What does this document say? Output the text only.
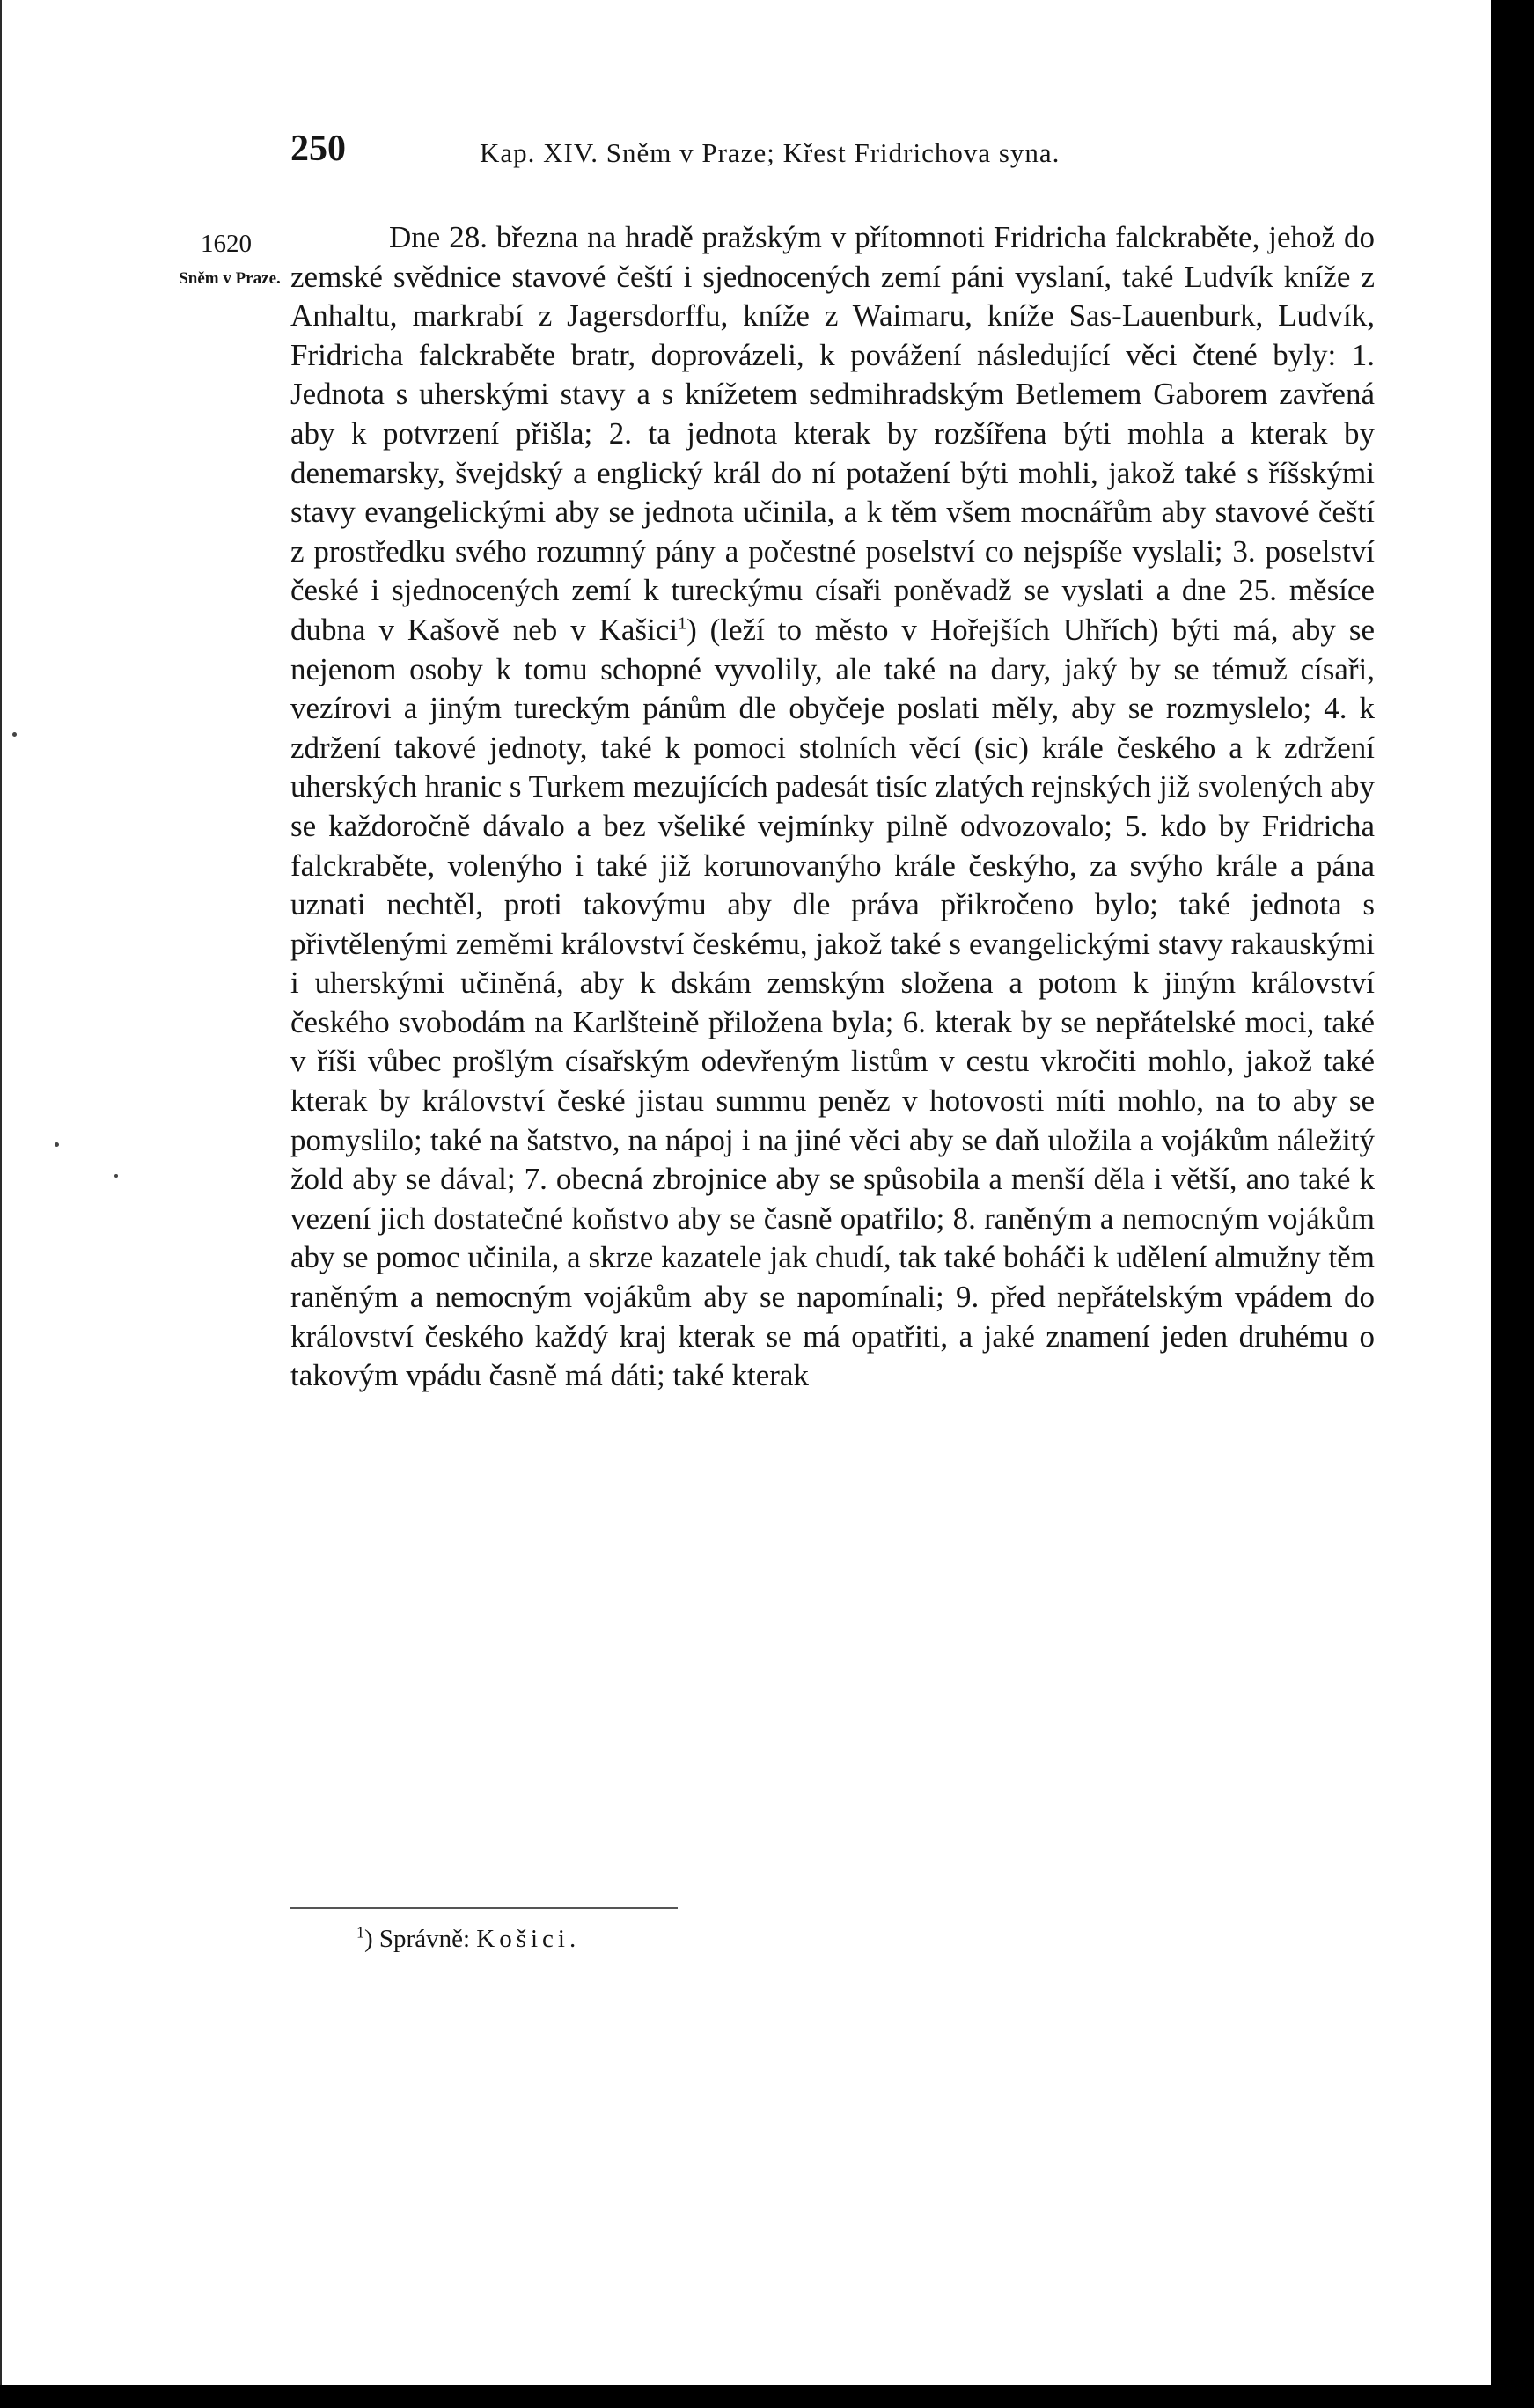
250	Kap. XIV. Sněm v Praze; Křest Fridrichova syna.
1620
Sněm v Praze.

Dne 28. března na hradě pražským v přítomnoti Fridricha falckraběte, jehož do zemské svědnice stavové čeští i sjednocených zemí páni vyslaní, také Ludvík kníže z Anhaltu, markrabí z Jagersdorffu, kníže z Waimaru, kníže Sas-Lauenburk, Ludvík, Fridricha falckraběte bratr, doprovázeli, k povážení následující věci čtené byly: 1. Jednota s uherskými stavy a s knížetem sedmihradským Betlemem Gaborem zavřená aby k potvrzení přišla; 2. ta jednota kterak by rozšířena býti mohla a kterak by denemarsky, švejdský a englický král do ní potažení býti mohli, jakož také s říšskými stavy evangelickými aby se jednota učinila, a k těm všem mocnářům aby stavové čeští z prostředku svého rozumný pány a počestné poselství co nejspíše vyslali; 3. poselství české i sjednocených zemí k tureckýmu císaři poněvadž se vyslati a dne 25. měsíce dubna v Kašově neb v Kašici$^1$) (leží to město v Hořejších Uhřích) býti má, aby se nejenom osoby k tomu schopné vyvolily, ale také na dary, jaký by se témuž císaři, vezírovi a jiným tureckým pánům dle obyčeje poslati měly, aby se rozmyslelo; 4. k zdržení takové jednoty, také k pomoci stolních věcí (sic) krále českého a k zdržení uherských hranic s Turkem mezujících padesát tisíc zlatých rejnských již svolených aby se každoročně dávalo a bez všeliké vejmínky pilně odvozovalo; 5. kdo by Fridricha falckraběte, volenýho i také již korunovanýho krále českýho, za svýho krále a pána uznati nechtěl, proti takovýmu aby dle práva přikročeno bylo; také jednota s přivtělenými zeměmi království českému, jakož také s evangelickými stavy rakauskými i uherskými učiněná, aby k dskám zemským složena a potom k jiným království českého svobodám na Karlšteině přiložena byla; 6. kterak by se nepřátelské moci, také v říši vůbec prošlým císařským odevřeným listům v cestu vkročiti mohlo, jakož také kterak by království české jistau summu peněz v hotovosti míti mohlo, na to aby se pomyslilo; také na šatstvo, na nápoj i na jiné věci aby se daň uložila a vojákům náležitý žold aby se dával; 7. obecná zbrojnice aby se spůsobila a menší děla i větší, ano také k vezení jich dostatečné koňstvo aby se časně opatřilo; 8. raněným a nemocným vojákům aby se pomoc učinila, a skrze kazatele jak chudí, tak také boháči k udělení almužny těm raněným a nemocným vojákům aby se napomínali; 9. před nepřátelským vpádem do království českého každý kraj kterak se má opatřiti, a jaké znamení jeden druhému o takovým vpádu časně má dáti; také kterak

$^1$) Správně: Košici.
